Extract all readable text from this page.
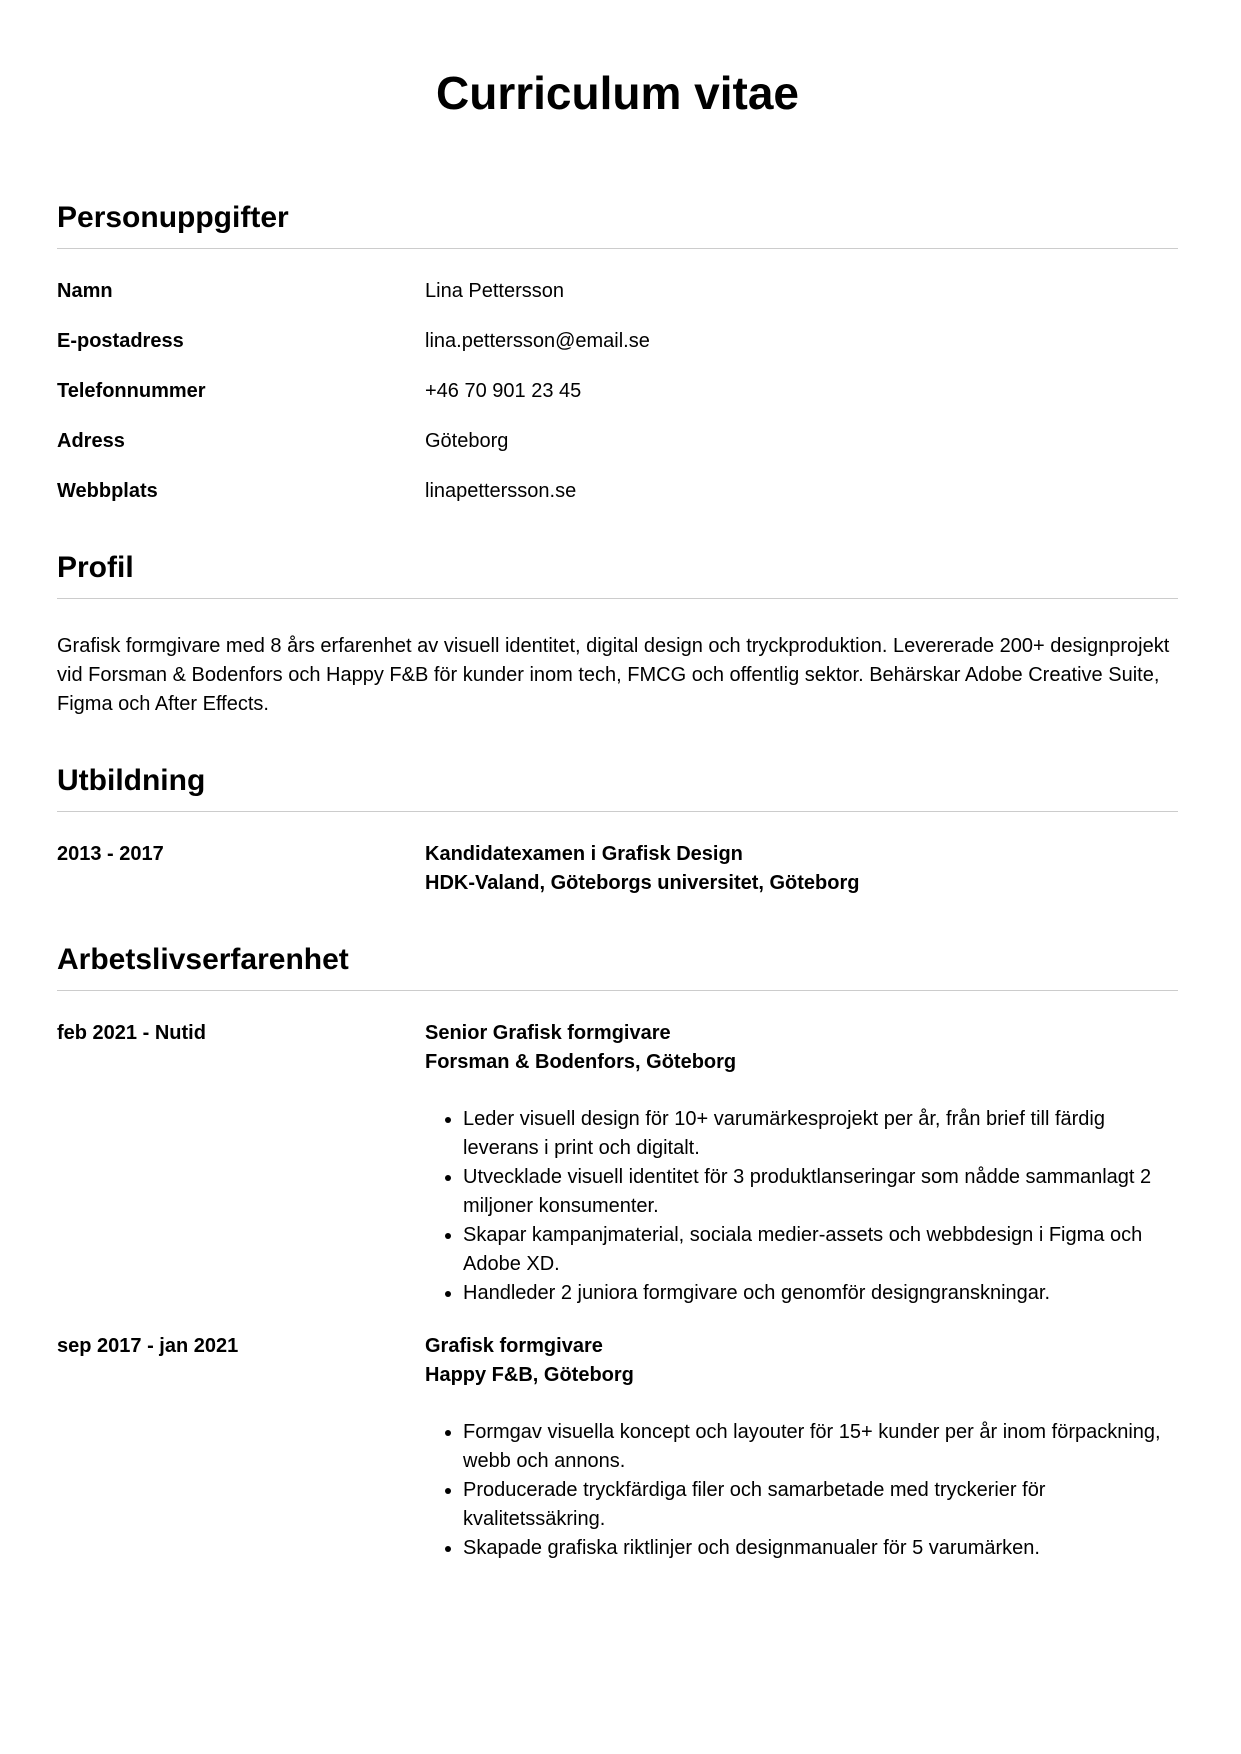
Curriculum vitae
Personuppgifter
Namn	Lina Pettersson
E-postadress	lina.pettersson@email.se
Telefonnummer	+46 70 901 23 45
Adress	Göteborg
Webbplats	linapettersson.se
Profil

Grafisk formgivare med 8 års erfarenhet av visuell identitet, digital design och tryckproduktion. Levererade 200+ designprojekt vid Forsman & Bodenfors och Happy F&B för kunder inom tech, FMCG och offentlig sektor. Behärskar Adobe Creative Suite, Figma och After Effects.

Utbildning
2013 - 2017	Kandidatexamen i Grafisk Design
HDK-Valand, Göteborgs universitet, Göteborg
Arbetslivserfarenhet
feb 2021 - Nutid	Senior Grafisk formgivare
Forsman & Bodenfors, Göteborg
• Leder visuell design för 10+ varumärkesprojekt per år, från brief till färdig leverans i print och digitalt.
• Utvecklade visuell identitet för 3 produktlanseringar som nådde sammanlagt 2 miljoner konsumenter.
• Skapar kampanjmaterial, sociala medier-assets och webbdesign i Figma och Adobe XD.
• Handleder 2 juniora formgivare och genomför designgranskningar.
sep 2017 - jan 2021	Grafisk formgivare
Happy F&B, Göteborg
• Formgav visuella koncept och layouter för 15+ kunder per år inom förpackning, webb och annons.
• Producerade tryckfärdiga filer och samarbetade med tryckerier för kvalitetssäkring.
• Skapade grafiska riktlinjer och designmanualer för 5 varumärken.
